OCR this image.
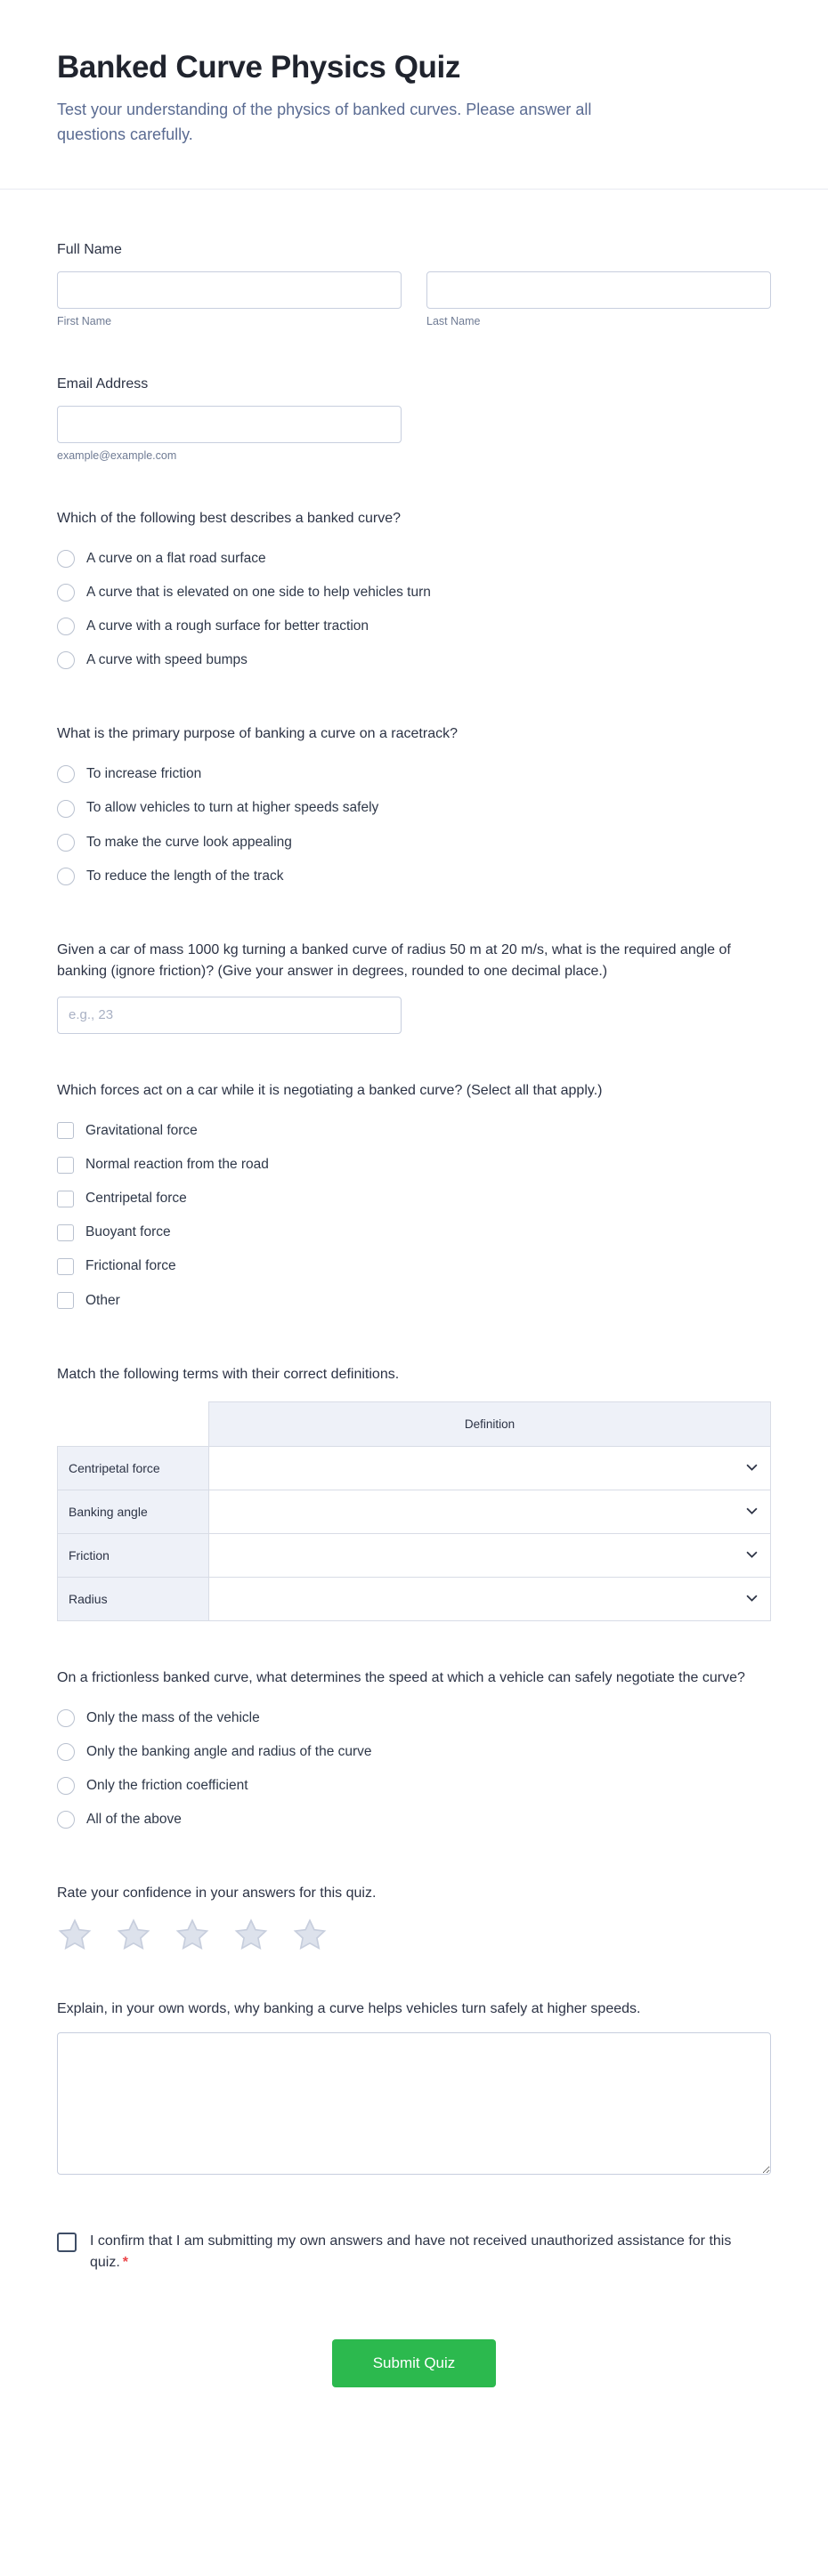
Banked Curve Physics Quiz
Test your understanding of the physics of banked curves. Please answer all questions carefully.
Full Name
First Name	Last Name
Email Address
example@example.com
Which of the following best describes a banked curve?
A curve on a flat road surface
A curve that is elevated on one side to help vehicles turn
A curve with a rough surface for better traction
A curve with speed bumps
What is the primary purpose of banking a curve on a racetrack?
To increase friction
To allow vehicles to turn at higher speeds safely
To make the curve look appealing
To reduce the length of the track
Given a car of mass 1000 kg turning a banked curve of radius 50 m at 20 m/s, what is the required angle of banking (ignore friction)? (Give your answer in degrees, rounded to one decimal place.)
e.g., 23
Which forces act on a car while it is negotiating a banked curve? (Select all that apply.)
Gravitational force
Normal reaction from the road
Centripetal force
Buoyant force
Frictional force
Other
Match the following terms with their correct definitions.
	Definition
Centripetal force	
Banking angle	
Friction	
Radius	
On a frictionless banked curve, what determines the speed at which a vehicle can safely negotiate the curve?
Only the mass of the vehicle
Only the banking angle and radius of the curve
Only the friction coefficient
All of the above
Rate your confidence in your answers for this quiz.
Explain, in your own words, why banking a curve helps vehicles turn safely at higher speeds.
I confirm that I am submitting my own answers and have not received unauthorized assistance for this quiz. *
Submit Quiz
